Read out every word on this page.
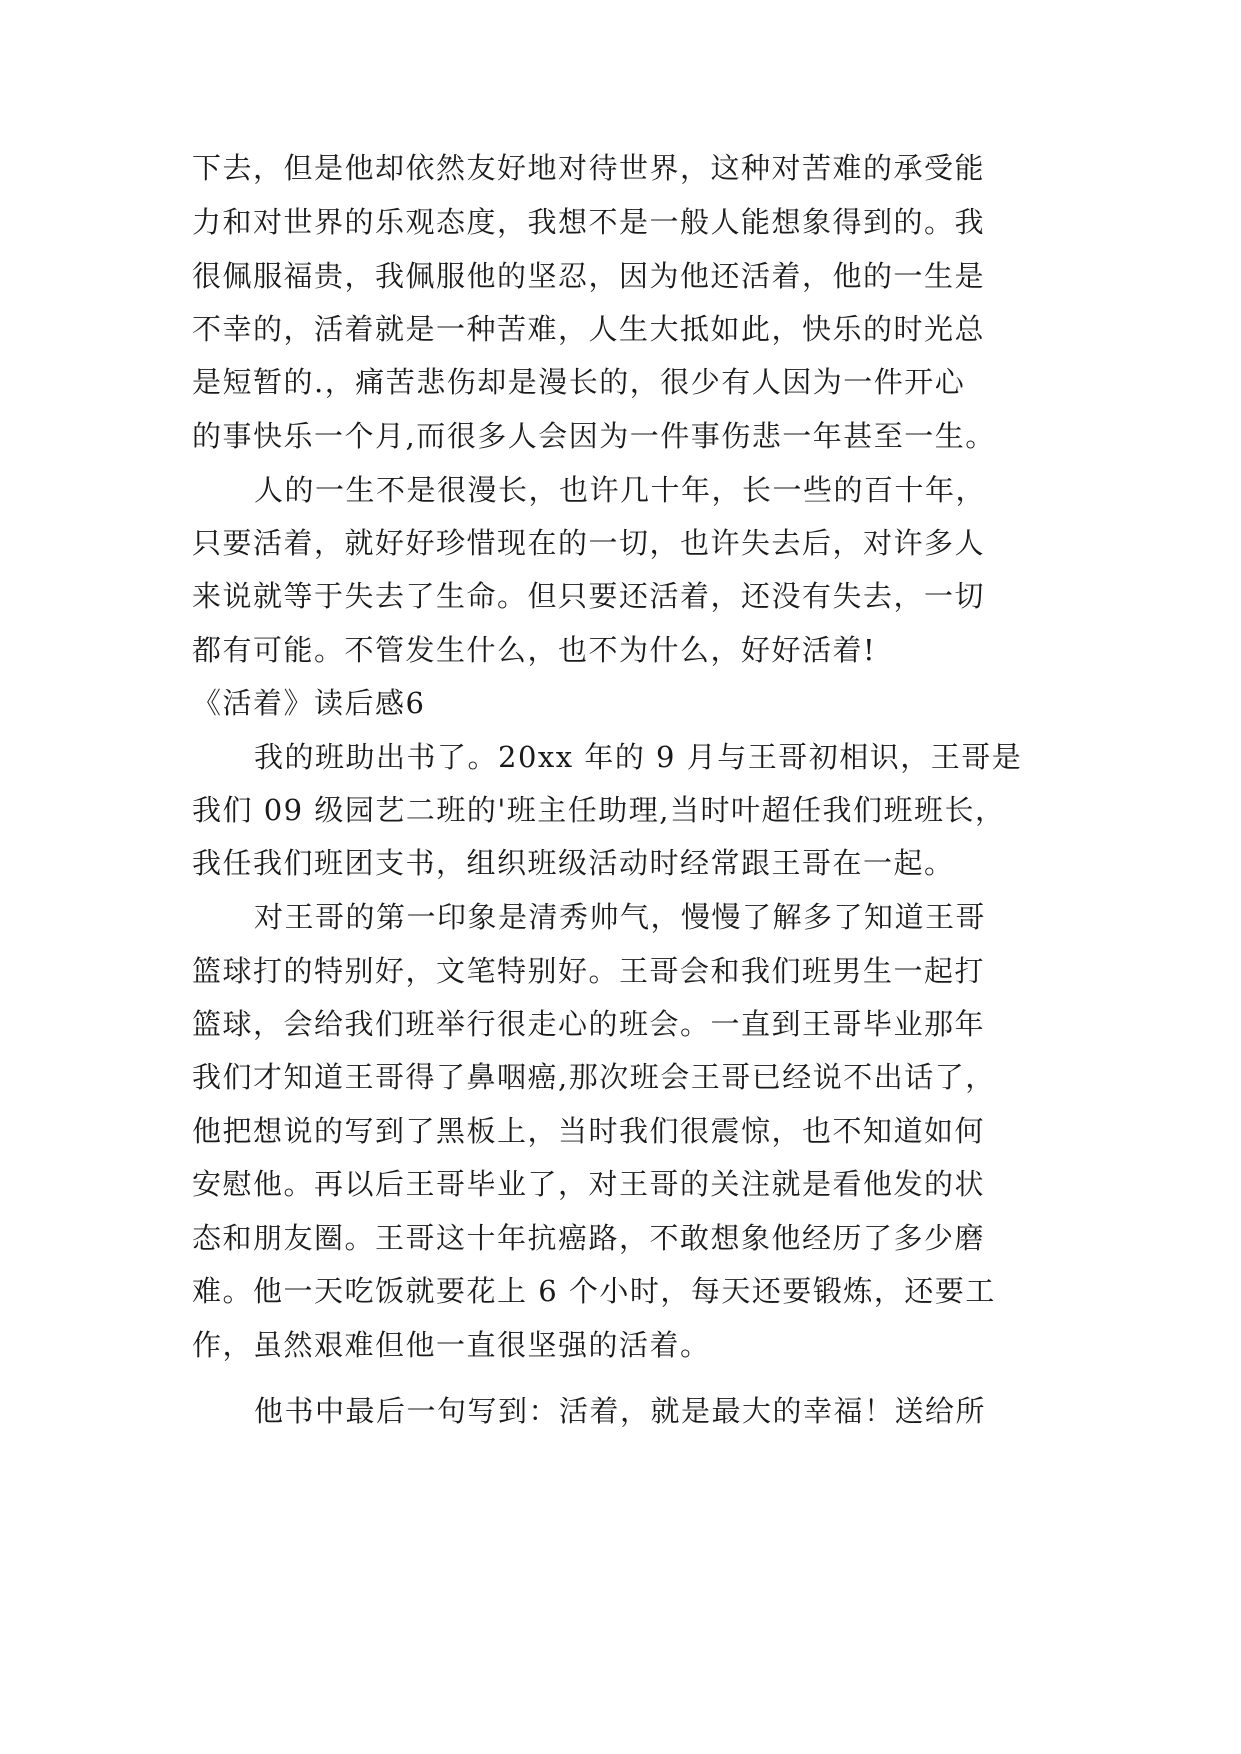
下去，但是他却依然友好地对待世界，这种对苦难的承受能
力和对世界的乐观态度，我想不是一般人能想象得到的。我
很佩服福贵，我佩服他的坚忍，因为他还活着，他的一生是
不幸的，活着就是一种苦难，人生大抵如此，快乐的时光总
是短暂的.，痛苦悲伤却是漫长的，很少有人因为一件开心
的事快乐一个月,而很多人会因为一件事伤悲一年甚至一生。
人的一生不是很漫长，也许几十年，长一些的百十年，
只要活着，就好好珍惜现在的一切，也许失去后，对许多人
来说就等于失去了生命。但只要还活着，还没有失去，一切
都有可能。不管发生什么，也不为什么，好好活着!
《活着》读后感6
我的班助出书了。20xx 年的 9 月与王哥初相识，王哥是
我们 09 级园艺二班的'班主任助理,当时叶超任我们班班长，
我任我们班团支书，组织班级活动时经常跟王哥在一起。
对王哥的第一印象是清秀帅气，慢慢了解多了知道王哥
篮球打的特别好，文笔特别好。王哥会和我们班男生一起打
篮球，会给我们班举行很走心的班会。一直到王哥毕业那年
我们才知道王哥得了鼻咽癌,那次班会王哥已经说不出话了，
他把想说的写到了黑板上，当时我们很震惊，也不知道如何
安慰他。再以后王哥毕业了，对王哥的关注就是看他发的状
态和朋友圈。王哥这十年抗癌路，不敢想象他经历了多少磨
难。他一天吃饭就要花上 6 个小时，每天还要锻炼，还要工
作，虽然艰难但他一直很坚强的活着。
他书中最后一句写到：活着，就是最大的幸福！送给所
